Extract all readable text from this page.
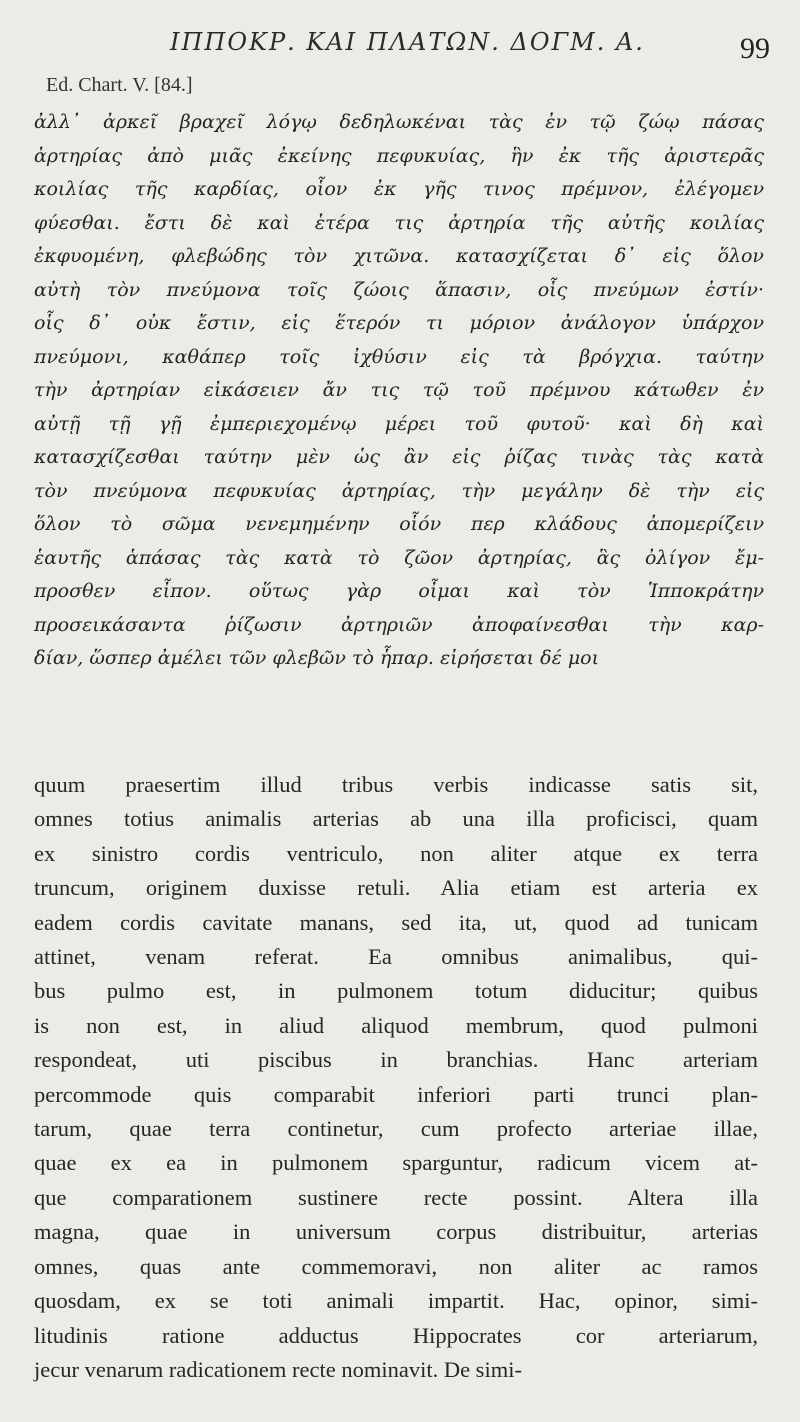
ΙΠΠΟΚΡ. ΚΑΙ ΠΛΑΤΩΝ. ΔΟΓΜ. Α.	99
Ed. Chart. V. [84.]
ἀλλ᾽ ἀρκεῖ βραχεῖ λόγῳ δεδηλωκέναι τὰς ἐν τῷ ζώῳ πάσας
ἀρτηρίας ἀπὸ μιᾶς ἐκείνης πεφυκυίας, ἣν ἐκ τῆς ἀριστερᾶς
κοιλίας τῆς καρδίας, οἷον ἐκ γῆς τινος πρέμνον, ἐλέγομεν
φύεσθαι. ἔστι δὲ καὶ ἑτέρα τις ἀρτηρία τῆς αὐτῆς κοιλίας
ἐκφυομένη, φλεβώδης τὸν χιτῶνα. κατασχίζεται δ᾽ εἰς ὅλον
αὐτὴ τὸν πνεύμονα τοῖς ζώοις ἅπασιν, οἷς πνεύμων ἐστίν·
οἷς δ᾽ οὐκ ἔστιν, εἰς ἕτερόν τι μόριον ἀνάλογον ὑπάρχον
πνεύμονι, καθάπερ τοῖς ἰχθύσιν εἰς τὰ βρόγχια. ταύτην
τὴν ἀρτηρίαν εἰκάσειεν ἄν τις τῷ τοῦ πρέμνου κάτωθεν ἐν
αὐτῇ τῇ γῇ ἐμπεριεχομένῳ μέρει τοῦ φυτοῦ· καὶ δὴ καὶ
κατασχίζεσθαι ταύτην μὲν ὡς ἂν εἰς ῥίζας τινὰς τὰς κατὰ
τὸν πνεύμονα πεφυκυίας ἀρτηρίας, τὴν μεγάλην δὲ τὴν εἰς
ὅλον τὸ σῶμα νενεμημένην οἷόν περ κλάδους ἀπομερίζειν
ἑαυτῆς ἁπάσας τὰς κατὰ τὸ ζῶον ἀρτηρίας, ἃς ὀλίγον ἔμ-
προσθεν εἶπον. οὕτως γὰρ οἶμαι καὶ τὸν Ἱπποκράτην
προσεικάσαντα ῥίζωσιν ἀρτηριῶν ἀποφαίνεσθαι τὴν καρ-
δίαν, ὥσπερ ἀμέλει τῶν φλεβῶν τὸ ἧπαρ. εἰρήσεται δέ μοι
quum praesertim illud tribus verbis indicasse satis sit,
omnes totius animalis arterias ab una illa proficisci, quam
ex sinistro cordis ventriculo, non aliter atque ex terra
truncum, originem duxisse retuli. Alia etiam est arteria ex
eadem cordis cavitate manans, sed ita, ut, quod ad tunicam
attinet, venam referat. Ea omnibus animalibus, qui-
bus pulmo est, in pulmonem totum diducitur; quibus
is non est, in aliud aliquod membrum, quod pulmoni
respondeat, uti piscibus in branchias. Hanc arteriam
percommode quis comparabit inferiori parti trunci plan-
tarum, quae terra continetur, cum profecto arteriae illae,
quae ex ea in pulmonem sparguntur, radicum vicem at-
que comparationem sustinere recte possint. Altera illa
magna, quae in universum corpus distribuitur, arterias
omnes, quas ante commemoravi, non aliter ac ramos
quosdam, ex se toti animali impartit. Hac, opinor, simi-
litudinis ratione adductus Hippocrates cor arteriarum,
jecur venarum radicationem recte nominavit. De simi-
